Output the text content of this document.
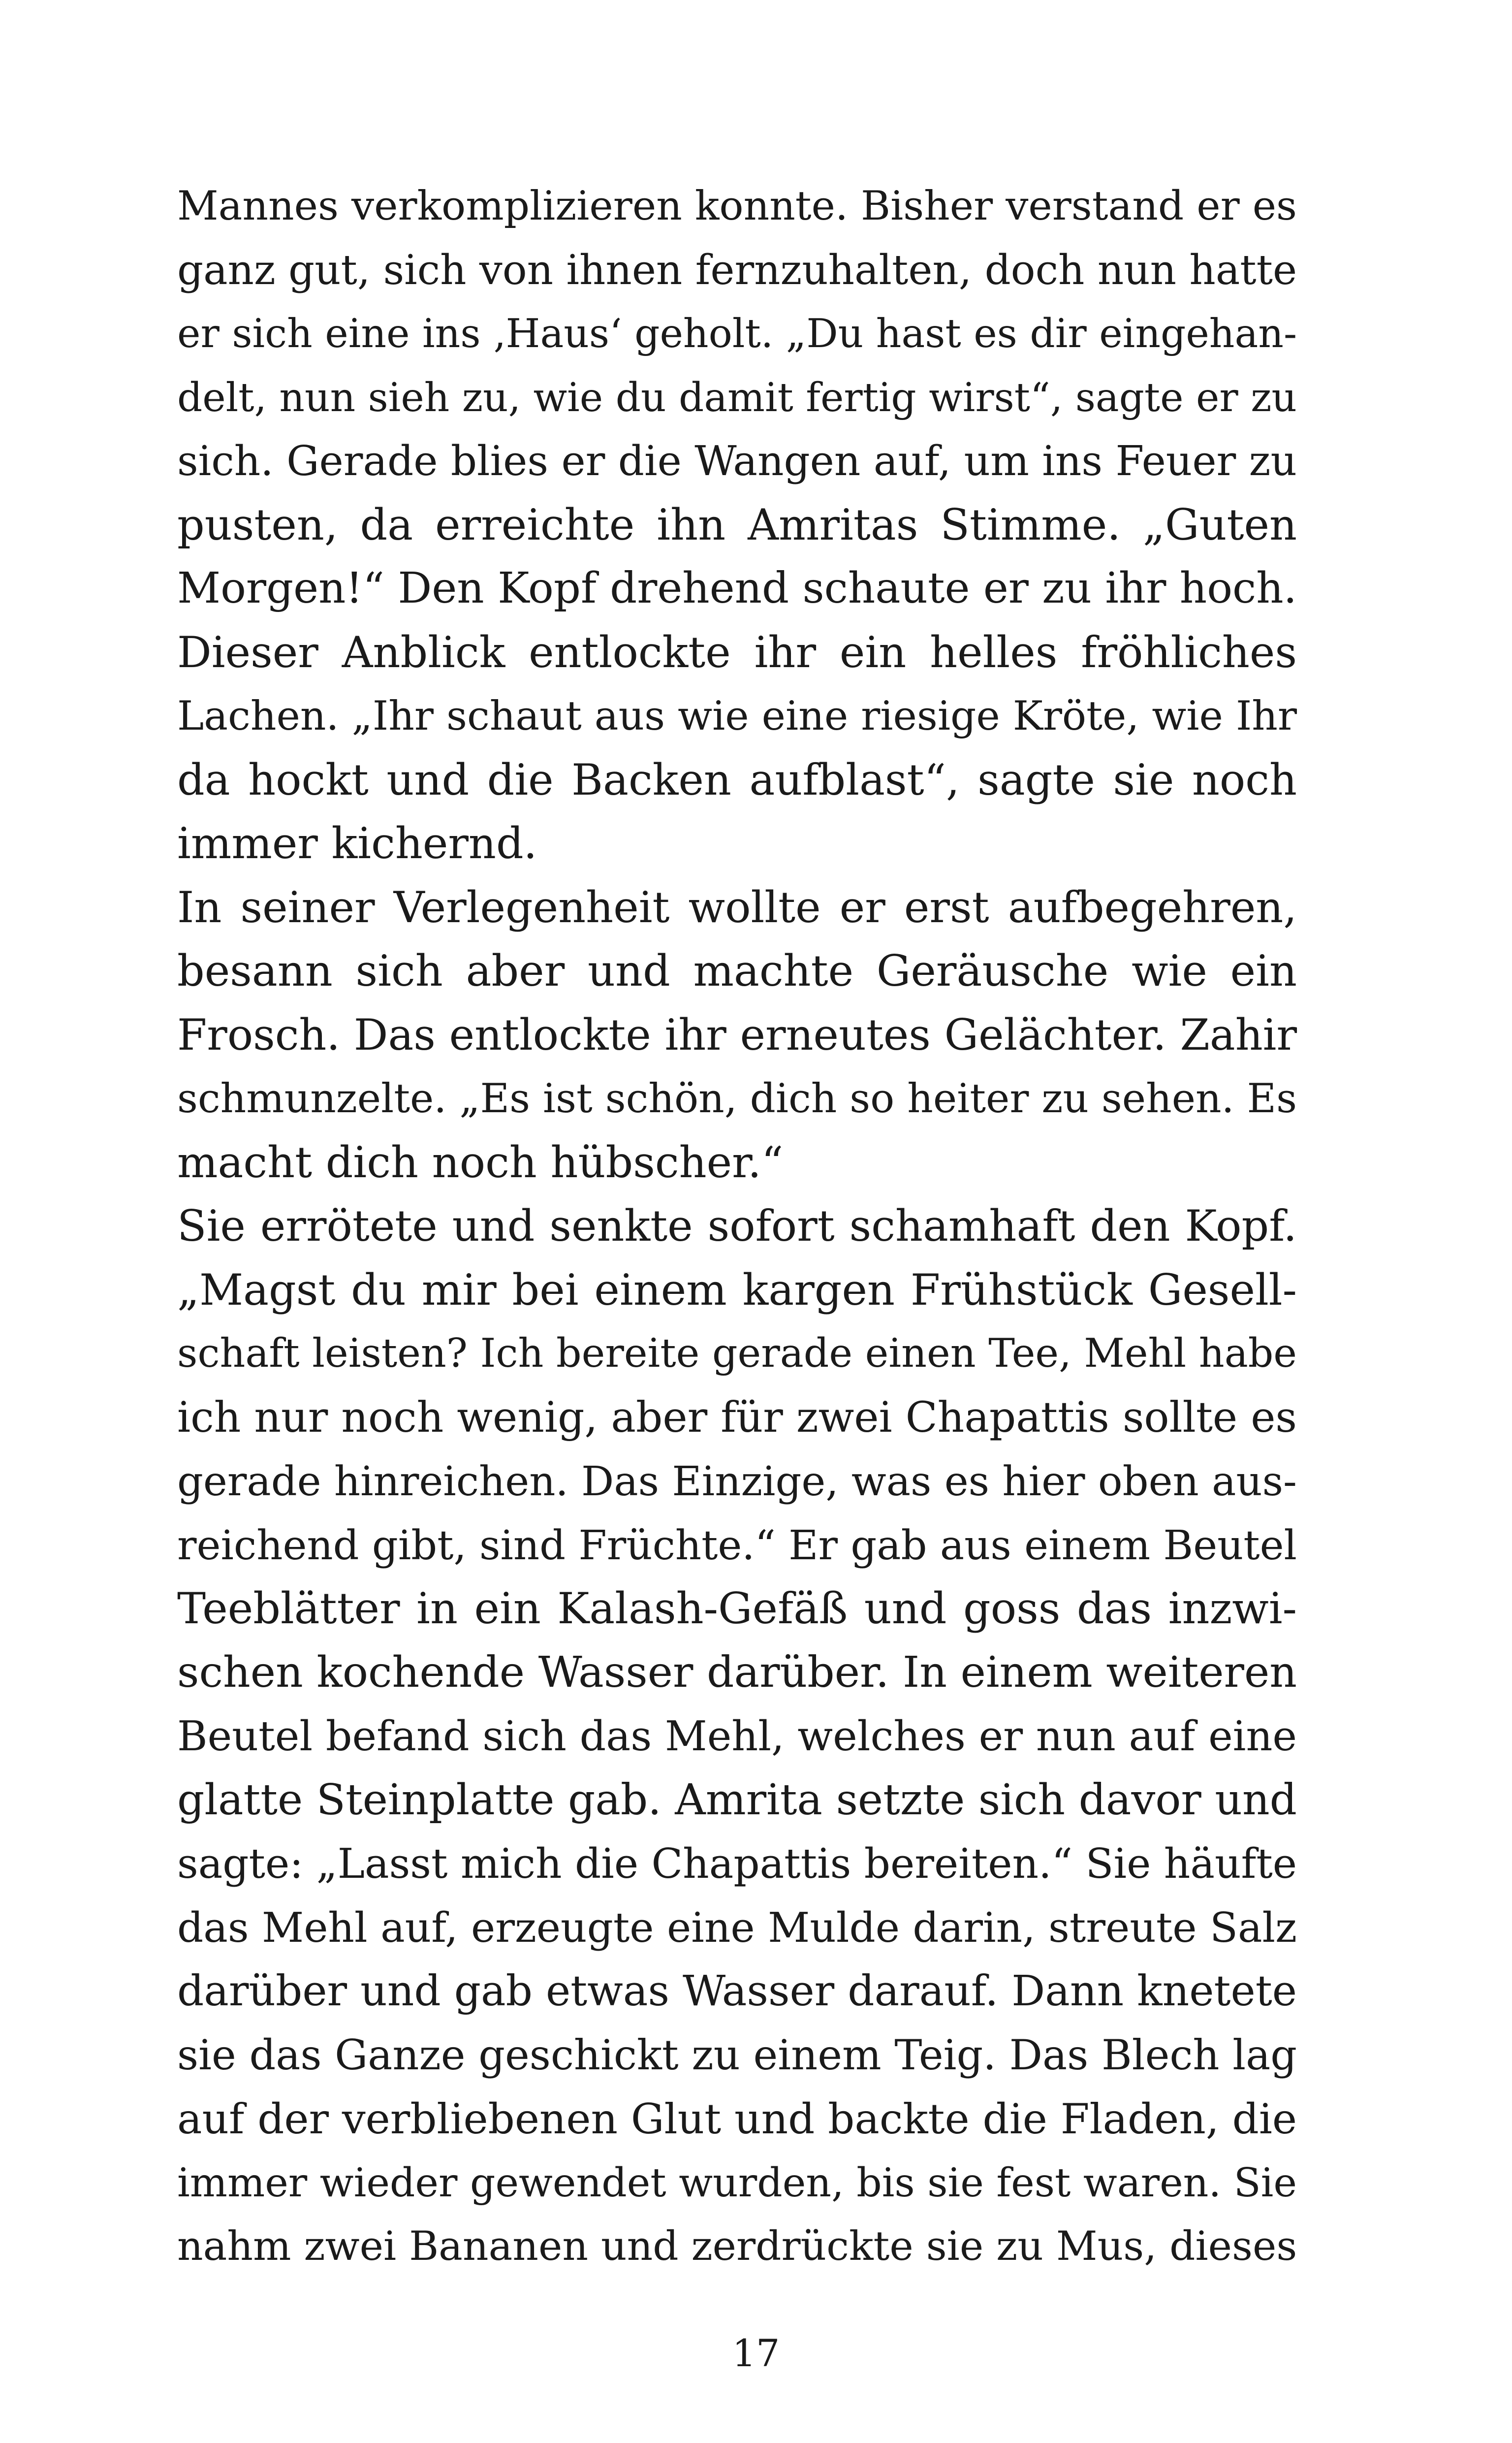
Mannes verkomplizieren konnte. Bisher verstand er es
ganz gut, sich von ihnen fernzuhalten, doch nun hatte
er sich eine ins ‚Haus‘ geholt. „Du hast es dir eingehan-
delt, nun sieh zu, wie du damit fertig wirst“, sagte er zu
sich. Gerade blies er die Wangen auf, um ins Feuer zu
pusten, da erreichte ihn Amritas Stimme. „Guten
Morgen!“ Den Kopf drehend schaute er zu ihr hoch.
Dieser Anblick entlockte ihr ein helles fröhliches
Lachen. „Ihr schaut aus wie eine riesige Kröte, wie Ihr
da hockt und die Backen aufblast“, sagte sie noch
immer kichernd.
In seiner Verlegenheit wollte er erst aufbegehren,
besann sich aber und machte Geräusche wie ein
Frosch. Das entlockte ihr erneutes Gelächter. Zahir
schmunzelte. „Es ist schön, dich so heiter zu sehen. Es
macht dich noch hübscher.“
Sie errötete und senkte sofort schamhaft den Kopf.
„Magst du mir bei einem kargen Frühstück Gesell-
schaft leisten? Ich bereite gerade einen Tee, Mehl habe
ich nur noch wenig, aber für zwei Chapattis sollte es
gerade hinreichen. Das Einzige, was es hier oben aus-
reichend gibt, sind Früchte.“ Er gab aus einem Beutel
Teeblätter in ein Kalash-Gefäß und goss das inzwi-
schen kochende Wasser darüber. In einem weiteren
Beutel befand sich das Mehl, welches er nun auf eine
glatte Steinplatte gab. Amrita setzte sich davor und
sagte: „Lasst mich die Chapattis bereiten.“ Sie häufte
das Mehl auf, erzeugte eine Mulde darin, streute Salz
darüber und gab etwas Wasser darauf. Dann knetete
sie das Ganze geschickt zu einem Teig. Das Blech lag
auf der verbliebenen Glut und backte die Fladen, die
immer wieder gewendet wurden, bis sie fest waren. Sie
nahm zwei Bananen und zerdrückte sie zu Mus, dieses
17
